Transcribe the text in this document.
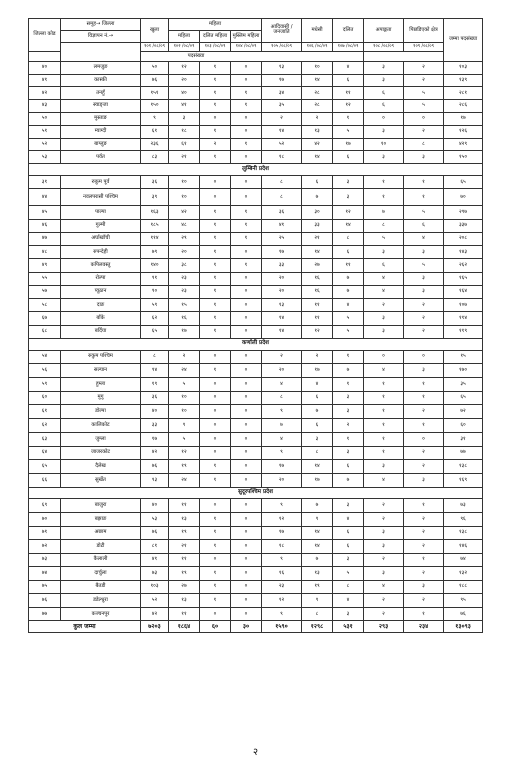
जिल्ला कोड	समूह→ जिल्ला	खुला	महिला			आदिवासी / जनजाति	मधेसी	दलित	अपाङ्गता	पिछडिएको क्षेत्र	जम्मा पदसंख्या
	विज्ञापन नं.→		महिला	दलित महिला	मुस्लिम महिला						
		१०१ /०८/०९	१०२ /०८/०९	१०३ /०८/०९	१०४ /०८/०९	१०५ /०८/०९	१०६ /०८/०९	१०७ /०८/०९	१०८ /०८/०९	१०९ /०८/०९	
पदसंख्या											
४०	लमजुङ	५०	१२	१	०	१३	१०	४	३	२	१०३
४१	कास्की	७६	२०	१	०	१७	१४	६	३	२	१३९
४२	तनहुँ	१५१	४०	१	१	३४	२८	११	६	५	२८१
४३	स्याङ्जा	१५०	४१	१	१	३५	२८	१२	६	५	२८६
५०	मुस्ताङ	९	३	०	०	२	२	१	०	०	१७
५१	म्याग्दी	६१	१८	१	०	१४	१३	५	३	२	१२६
५२	बाग्लुङ	२३६	६१	२	१	५२	४२	१७	१०	८	४२९
५३	पर्वत	८३	२१	१	०	१८	१४	६	३	३	१५०
लुम्बिनी प्रदेश											
३१	रुकुम पूर्व	३६	१०	०	०	८	६	३	१	१	६५
४४	नवलपरासी पश्चिम	३९	१०	०	०	८	७	३	१	१	७०
४५	पाल्पा	१६३	४२	१	१	३६	३०	१२	७	५	२९७
४६	गुल्मी	१८५	४८	१	१	४१	३३	१४	८	६	३३७
४७	अर्घाखाँची	११४	२९	१	१	२५	२१	८	५	४	२०८
४८	रुपन्देही	७९	२०	१	०	१७	१४	६	३	३	१४३
४९	कपिलवस्तु	१४०	३८	१	१	३३	२७	११	६	५	२६२
५५	रोल्पा	९१	२३	१	०	२०	१६	७	४	३	१६५
५७	प्यूठान	९०	२३	१	०	२०	१६	७	४	३	१६४
५८	दाङ	५९	१५	१	०	१३	११	४	२	२	१०७
६७	बाँके	६२	१६	१	०	१४	११	५	३	२	११४
६८	बर्दिया	६५	१७	१	०	१४	१२	५	३	२	११९
कर्णाली प्रदेश											
५४	रुकुम पश्चिम	८	२	०	०	२	२	१	०	०	१५
५६	सल्यान	९४	२४	१	०	२०	१७	७	४	३	१७०
५९	हुम्ला	१९	५	०	०	४	४	१	१	१	३५
६०	मुगु	३६	१०	०	०	८	६	३	१	१	६५
६१	डोल्पा	४०	१०	०	०	९	७	३	१	२	७२
६२	कालिकोट	३३	९	०	०	७	६	२	१	१	६०
६३	जुम्ला	१७	५	०	०	४	३	१	१	०	३१
६४	जाजरकोट	४२	१२	०	०	९	८	३	१	२	७७
६५	दैलेख	७६	१९	१	०	१७	१४	६	३	२	१३८
६६	सुर्खेत	९३	२४	१	०	२०	१७	७	४	३	१६९
सुदूरपश्चिम प्रदेश											
६९	बाजुरा	४०	११	०	०	९	७	३	२	१	७३
७०	बझाङ	५३	१३	१	०	१२	९	४	२	२	९६
७१	अछाम	७६	१९	१	०	१७	१४	६	३	२	१३८
७२	डोटी	८१	२१	१	०	१८	१४	६	३	२	१४६
७३	कैलाली	४१	११	०	०	९	७	३	२	१	७४
७४	दार्चुला	७३	१९	१	०	१६	१३	५	३	२	१३२
७५	बैतडी	१०३	२७	१	०	२३	१९	८	४	३	१८८
७६	डडेल्धुरा	५२	१३	१	०	१२	९	४	२	२	९५
७७	कञ्चनपुर	४२	११	०	०	९	८	३	२	१	७६
कुल जम्मा		७२०३	१८६४	६०	३०	१५९०	१२९८	५३१	२९३	२३४	१३०९३
२
